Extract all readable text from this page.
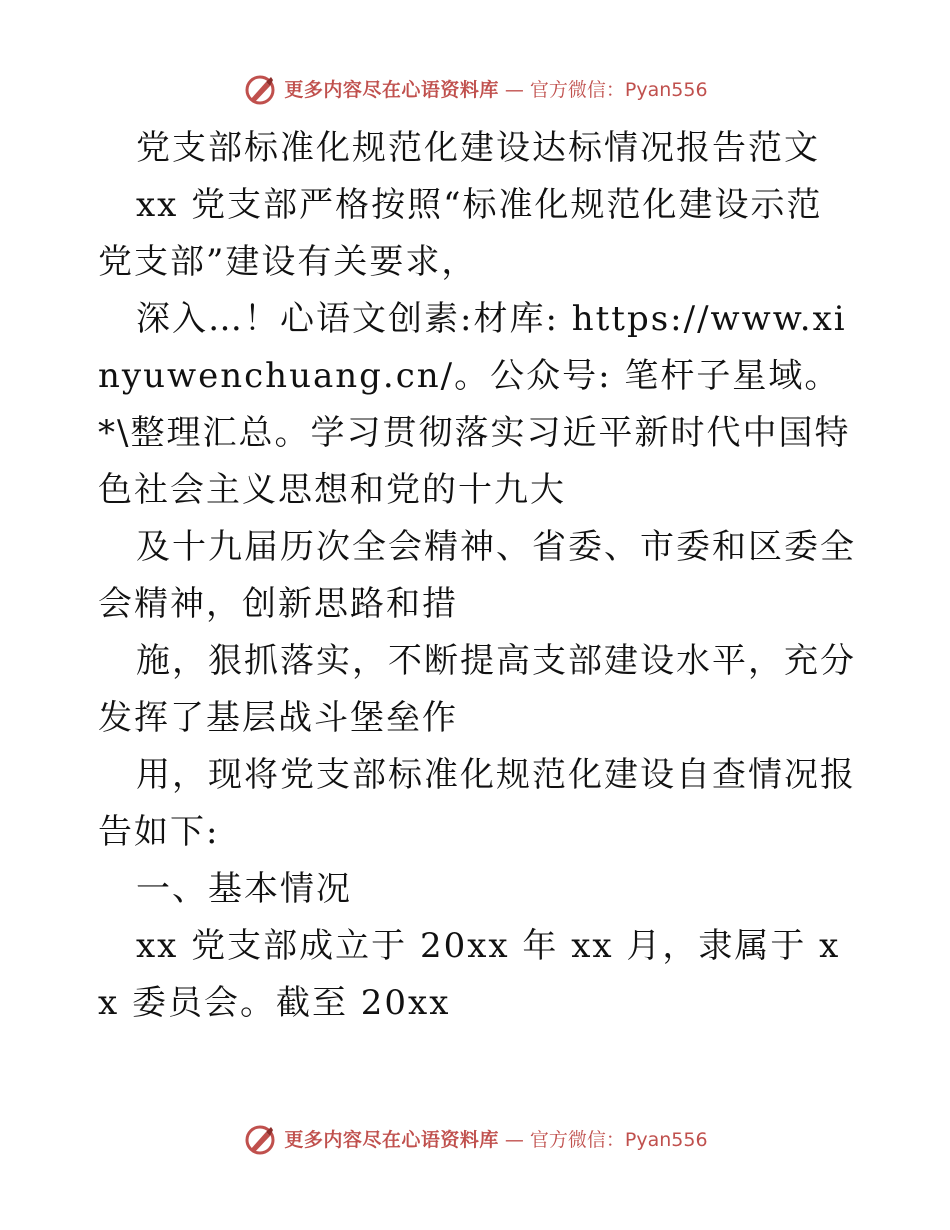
更多内容尽在心语资料库 — 官方微信：Pyan556

党支部标准化规范化建设达标情况报告范文

xx 党支部严格按照“标准化规范化建设示范党支部”建设有关要求，

深入…！心语文创素:材库: https://www.xinyuwenchuang.cn/。公众号: 笔杆子星域。*\整理汇总。学习贯彻落实习近平新时代中国特色社会主义思想和党的十九大

及十九届历次全会精神、省委、市委和区委全会精神，创新思路和措

施，狠抓落实，不断提高支部建设水平，充分发挥了基层战斗堡垒作

用，现将党支部标准化规范化建设自查情况报告如下:

一、基本情况

xx 党支部成立于 20xx 年 xx 月，隶属于 xx 委员会。截至 20xx

更多内容尽在心语资料库 — 官方微信：Pyan556
